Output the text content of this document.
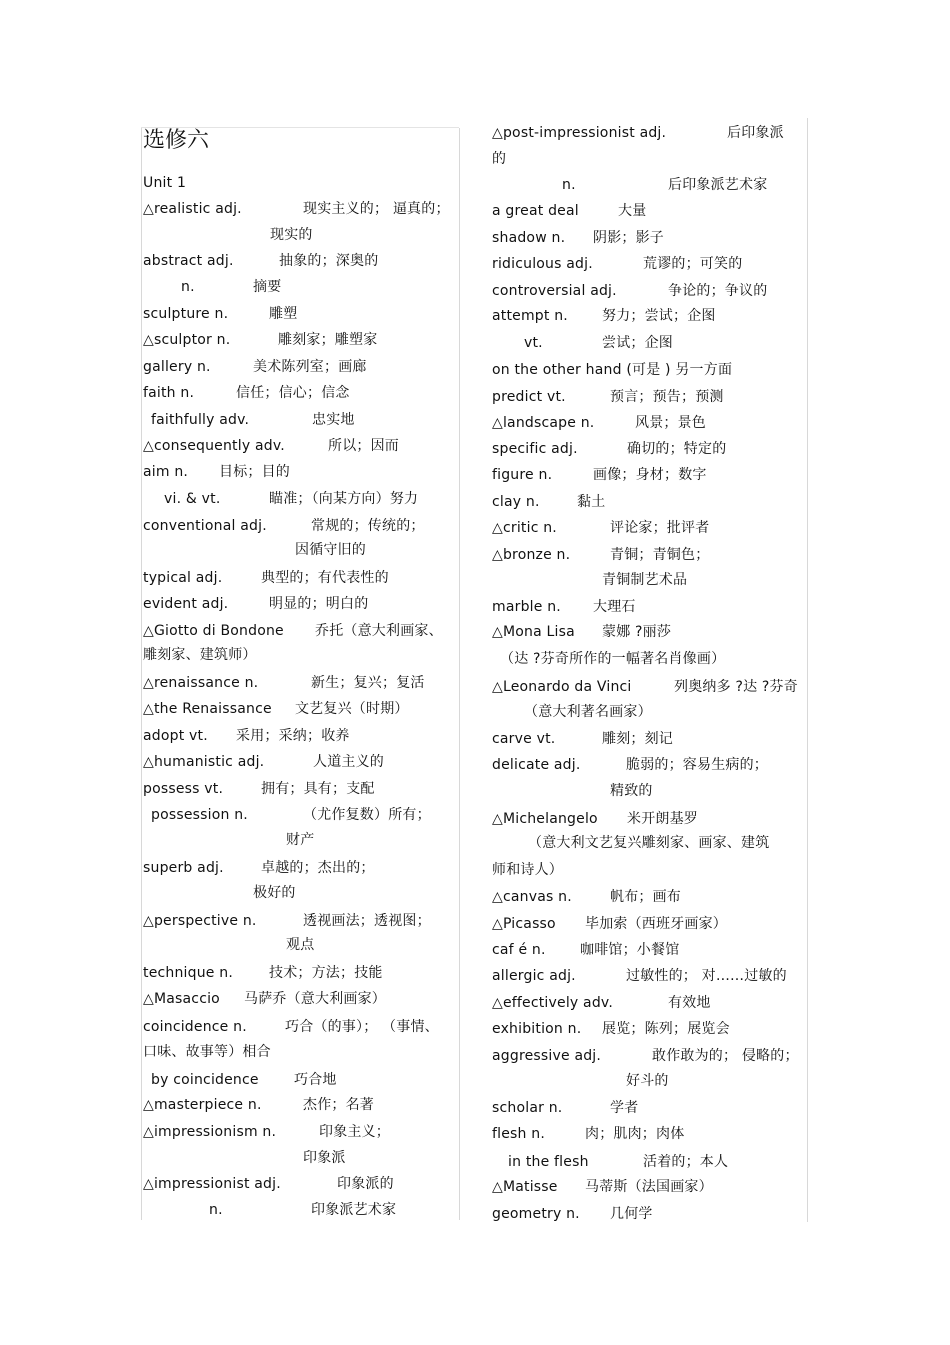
选修六
Unit 1
△realistic adj.	现实主义的； 逼真的；
现实的
abstract adj.	抽象的；深奥的
n.	摘要
sculpture n.	雕塑
△sculptor n.	雕刻家；雕塑家
gallery n.	美术陈列室；画廊
faith n.	信任；信心；信念
faithfully adv.	忠实地
△consequently adv.	所以；因而
aim n. 目标；目的
vi. & vt.	瞄准；（向某方向）努力
conventional adj.	常规的；传统的；
因循守旧的
typical adj.	典型的；有代表性的
evident adj.	明显的；明白的
△Giotto di Bondone 乔托（意大利画家、
雕刻家、建筑师）
△renaissance n.	新生；复兴；复活
△the Renaissance 文艺复兴（时期）
adopt vt. 采用；采纳；收养
△humanistic adj.	人道主义的
possess vt.	拥有；具有；支配
possession n.	（尤作复数）所有；
财产
superb adj.	卓越的；杰出的；
极好的
△perspective n.	透视画法；透视图；
观点
technique n.	技术；方法；技能
△Masaccio 马萨乔（意大利画家）
coincidence n.	巧合（的事）； （事情、
口味、故事等）相合
by coincidence	巧合地
△masterpiece n.	杰作；名著
△impressionism n.	印象主义；
印象派
△impressionist adj.	印象派的
n.	印象派艺术家
△post-impressionist adj.	后印象派
的
n.	后印象派艺术家
a great deal	大量
shadow n. 阴影；影子
ridiculous adj.	荒谬的；可笑的
controversial adj.	争论的；争议的
attempt n. 努力；尝试；企图
vt.	尝试；企图
on the other hand ( 可是 ) 另一方面
predict vt.	预言；预告；预测
△landscape n.	风景；景色
specific adj.	确切的；特定的
figure n.	画像；身材；数字
clay n.	黏土
△critic n.	评论家；批评者
△bronze n.	青铜；青铜色；
青铜制艺术品
marble n. 大理石
△Mona Lisa 蒙娜 ?丽莎
（达 ?芬奇所作的一幅著名肖像画）
△Leonardo da Vinci	列奥纳多 ?达 ?芬奇
（意大利著名画家）
carve vt.	雕刻；刻记
delicate adj.	脆弱的；容易生病的；
精致的
△Michelangelo 米开朗基罗
（意大利文艺复兴雕刻家、画家、建筑
师和诗人）
△canvas n.	帆布；画布
△Picasso 毕加索（西班牙画家）
caf é n. 咖啡馆；小餐馆
allergic adj.	过敏性的； 对……过敏的
△effectively adv.	有效地
exhibition n. 展览；陈列；展览会
aggressive adj.	敢作敢为的； 侵略的；
好斗的
scholar n.	学者
flesh n.	肉；肌肉；肉体
in the flesh	活着的；本人
△Matisse 马蒂斯（法国画家）
geometry n. 几何学
